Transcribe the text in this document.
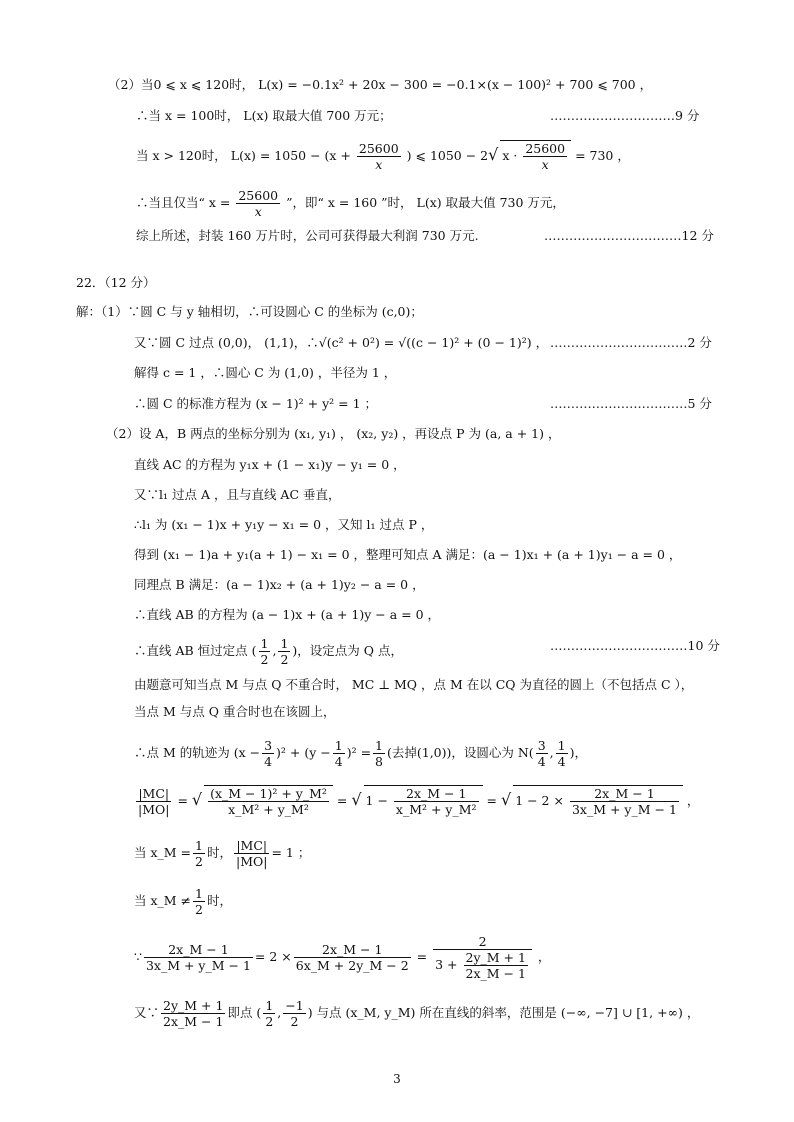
（2）当0 ⩽ x ⩽ 120时， L(x) = −0.1x² + 20x − 300 = −0.1×(x − 100)² + 700 ⩽ 700 ，
∴当 x = 100时， L(x) 取最大值 700 万元；	…………………………9 分
当 x > 120时， $L(x) = 1050 - (x + \frac{25600}{x}$ ) ⩽ 1050 − 2√ $x \cdot \frac{25600}{x} = 730$ ，
∴当且仅当“ $x = \frac{25600}{x}$ ”，即“ x = 160 ”时， L(x) 取最大值 730 万元，
综上所述，封装 160 万片时，公司可获得最大利润 730 万元.	……………………………12 分
22．（12 分）
解：（1）∵圆 C 与 y 轴相切，∴可设圆心 C 的坐标为 (c,0)；
又∵圆 C 过点 (0,0)， (1,1)，∴√(c² + 0²) = √((c − 1)² + (0 − 1)²) ， ……………………………2 分
解得 c = 1 ，∴圆心 C 为 (1,0) ，半径为 1 ，
∴圆 C 的标准方程为 (x − 1)² + y² = 1 ；	……………………………5 分
（2）设 A，B 两点的坐标分别为 (x₁, y₁) ， (x₂, y₂) ，再设点 P 为 (a, a + 1) ，
直线 AC 的方程为 y₁x + (1 − x₁)y − y₁ = 0 ，
又∵l₁ 过点 A ，且与直线 AC 垂直，
∴l₁ 为 (x₁ − 1)x + y₁y − x₁ = 0 ，又知 l₁ 过点 P ，
得到 (x₁ − 1)a + y₁(a + 1) − x₁ = 0 ，整理可知点 A 满足：(a − 1)x₁ + (a + 1)y₁ − a = 0 ，
同理点 B 满足：(a − 1)x₂ + (a + 1)y₂ − a = 0 ，
∴直线 AB 的方程为 (a − 1)x + (a + 1)y − a = 0 ，
∴直线 AB 恒过定点 ( $\frac{1}{2}$ , $\frac{1}{2}$ )，设定点为 Q 点，	……………………………10 分
由题意可知当点 M 与点 Q 不重合时， MC ⊥ MQ ，点 M 在以 CQ 为直径的圆上（不包括点 C ），
当点 M 与点 Q 重合时也在该圆上，
∴点 M 的轨迹为 $(x - \frac{3}{4} )^2 + (y - \frac{1}{4} )^2 = \frac{1}{8}$ (去掉(1,0))，设圆心为 $N( \frac{3}{4}$ , $\frac{1}{4}$ )，
$\frac{|MC|}{|MO|}$ = √ $\frac{\text{(x\_M − 1)² + y\_M²}}{\text{x\_M² + y\_M²}}$ = √ $1 - \frac{2x\_M - 1}{\text{x\_M² + y\_M²}}$ = √ $1 - 2 \times \frac{2x\_M - 1}{3x\_M + y\_M - 1}$ ，
当 x_M = $\frac{1}{2}$ 时， $\frac{|MC|}{|MO|} = 1$ ；
当 x_M ≠ $\frac{1}{2}$ 时，
∵ $\frac{2x\_M - 1}{3x\_M + y\_M - 1} = 2 \times \frac{2x\_M - 1}{6x\_M + 2y\_M - 2} = \frac{2}{3 + \frac{2y\_M + 1}{2x\_M - 1}}$ ，
又∵ $\frac{2y\_M + 1}{2x\_M - 1}$ 即点 ( $\frac{1}{2}$ , $\frac{-1}{2}$ ) 与点 (x_M, y_M) 所在直线的斜率，范围是 (−∞, −7] ∪ [1, +∞) ，
3
